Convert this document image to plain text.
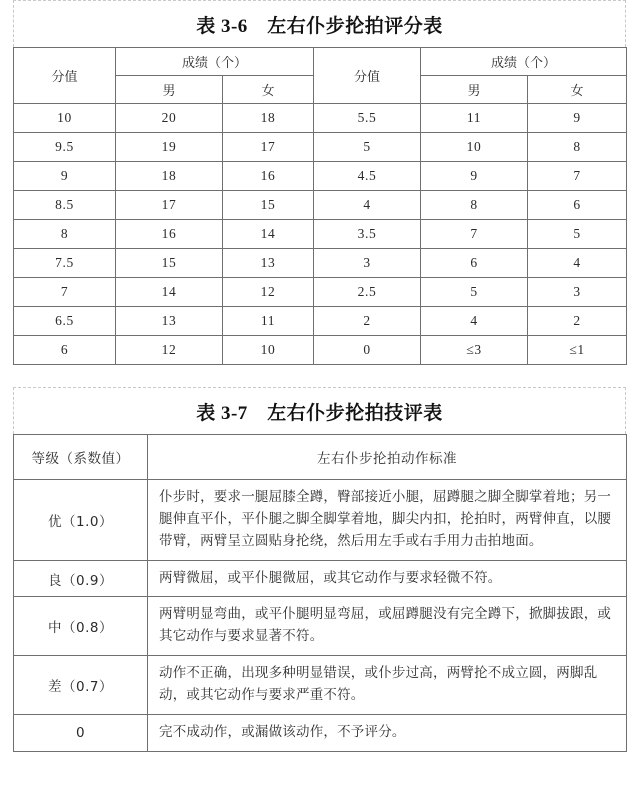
表 3-6　左右仆步抡拍评分表
分值	成绩（个）		分值	成绩（个）	
	男	女		男	女
10	20	18	5.5	11	9
9.5	19	17	5	10	8
9	18	16	4.5	9	7
8.5	17	15	4	8	6
8	16	14	3.5	7	5
7.5	15	13	3	6	4
7	14	12	2.5	5	3
6.5	13	11	2	4	2
6	12	10	0	≤3	≤1
表 3-7　左右仆步抡拍技评表
等级（系数值）	左右仆步抡拍动作标准
优（1.0）	仆步时，要求一腿屈膝全蹲，臀部接近小腿，屈蹲腿之脚全脚掌着地；另一腿伸直平仆，平仆腿之脚全脚掌着地，脚尖内扣，抡拍时，两臂伸直，以腰带臂，两臂呈立圆贴身抡绕，然后用左手或右手用力击拍地面。
良（0.9）	两臂微屈，或平仆腿微屈，或其它动作与要求轻微不符。
中（0.8）	两臂明显弯曲，或平仆腿明显弯屈，或屈蹲腿没有完全蹲下，掀脚拔跟，或其它动作与要求显著不符。
差（0.7）	动作不正确，出现多种明显错误，或仆步过高，两臂抡不成立圆，两脚乱动，或其它动作与要求严重不符。
0	完不成动作，或漏做该动作，不予评分。
